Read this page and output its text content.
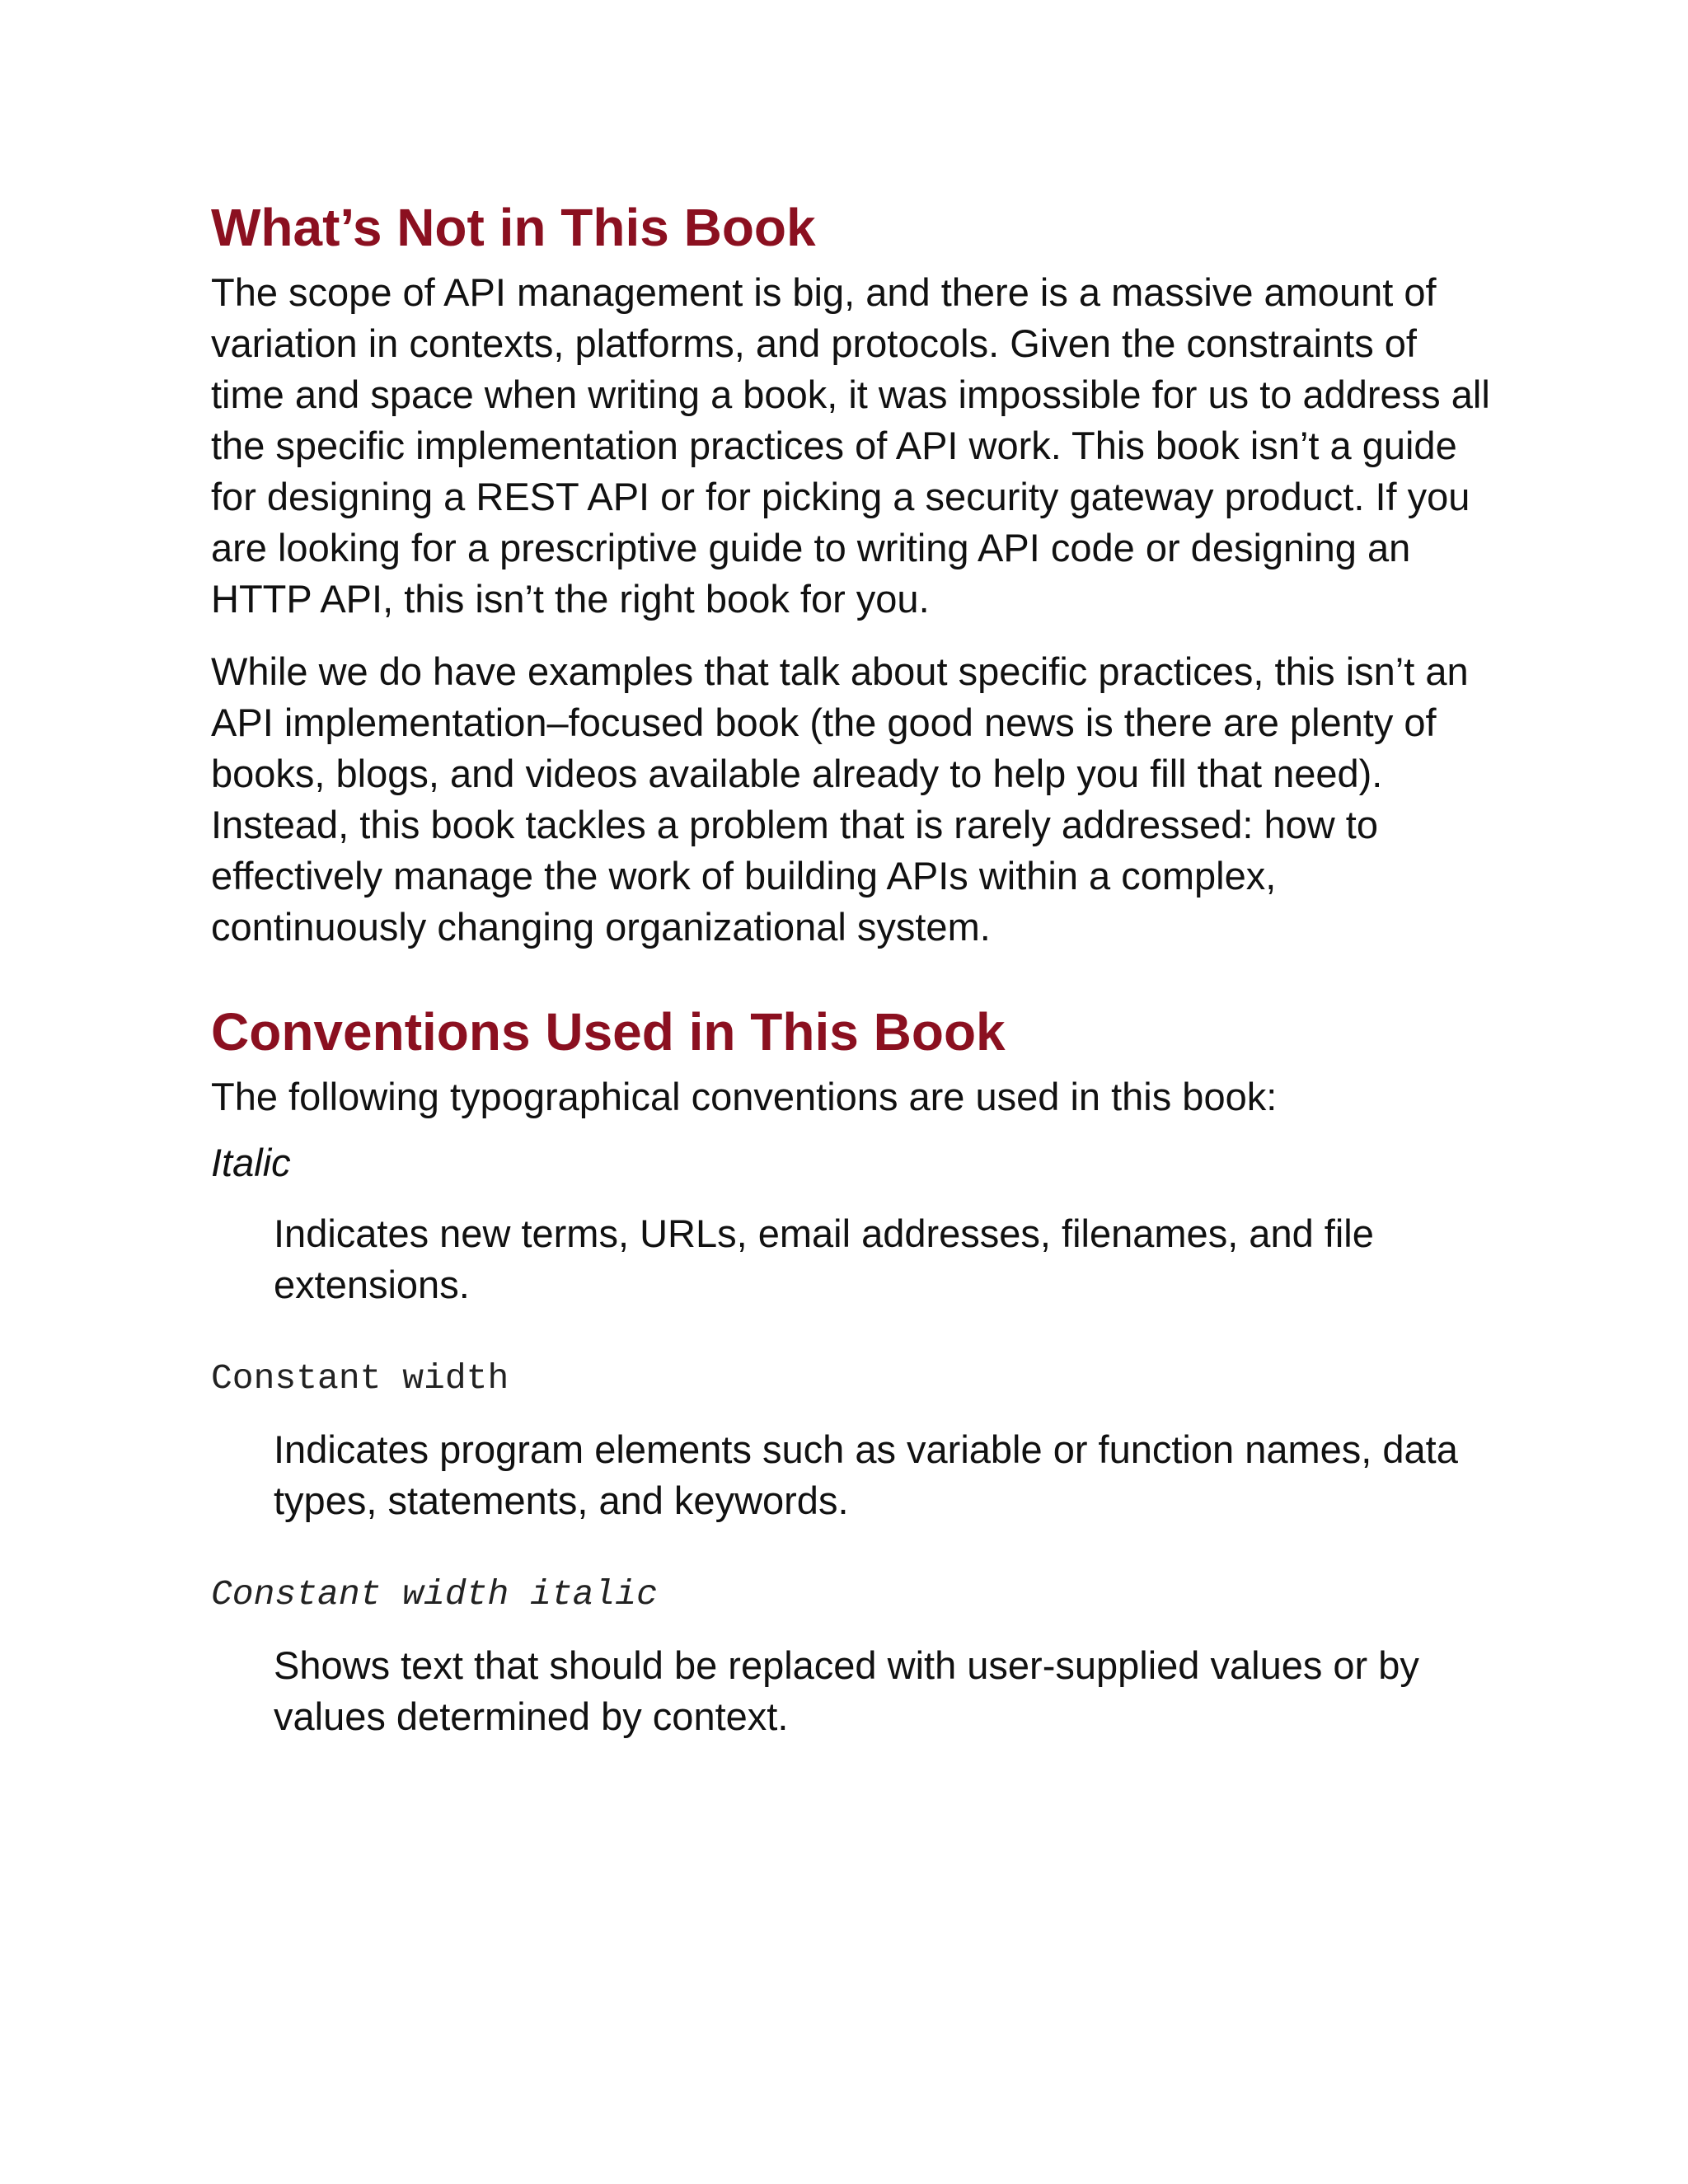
What’s Not in This Book

The scope of API management is big, and there is a massive amount of variation in contexts, platforms, and protocols. Given the constraints of time and space when writing a book, it was impossible for us to address all the specific implementation practices of API work. This book isn’t a guide for designing a REST API or for picking a security gateway product. If you are looking for a prescriptive guide to writing API code or designing an HTTP API, this isn’t the right book for you.

While we do have examples that talk about specific practices, this isn’t an API implementation–focused book (the good news is there are plenty of books, blogs, and videos available already to help you fill that need). Instead, this book tackles a problem that is rarely addressed: how to effectively manage the work of building APIs within a complex, continuously changing organizational system.

Conventions Used in This Book

The following typographical conventions are used in this book:

Italic
Indicates new terms, URLs, email addresses, filenames, and file extensions.
Constant width
Indicates program elements such as variable or function names, data types, statements, and keywords.
Constant width italic
Shows text that should be replaced with user-supplied values or by values determined by context.
